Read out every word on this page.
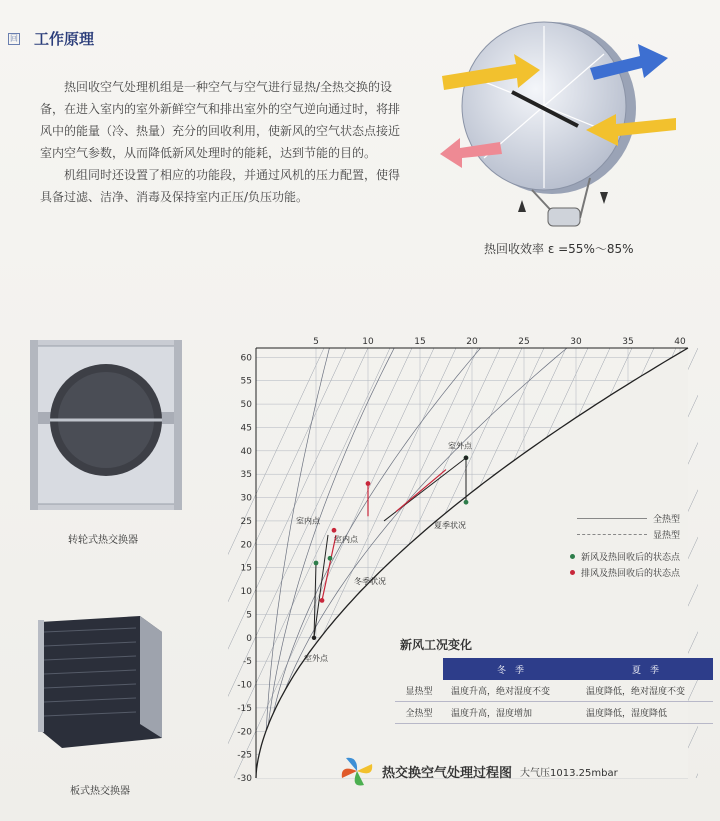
回 工作原理

热回收空气处理机组是一种空气与空气进行显热/全热交换的设备，在进入室内的室外新鲜空气和排出室外的空气逆向通过时，将排风中的能量（冷、热量）充分的回收利用，使新风的空气状态点接近室内空气参数，从而降低新风处理时的能耗，达到节能的目的。

机组同时还设置了相应的功能段，并通过风机的压力配置，使得具备过滤、洁净、消毒及保持室内正压/负压功能。

热回收效率 ε =55%～85%
转轮式热交换器
板式热交换器
60
55
50
45
40
35
30
25
20
15
10
5
0
-5
-10
-15
-20
-25
-30
5	10	15	20	25	30	35	40
室外点
夏季状况
室内点
室内点
冬季状况
室外点
全热型
显热型
新风及热回收后的状态点
排风及热回收后的状态点
新风工况变化
	冬　季	夏　季
显热型	温度升高，绝对湿度不变	温度降低，绝对湿度不变
全热型	温度升高，湿度增加	温度降低，湿度降低
热交换空气处理过程图 大气压1013.25mbar
